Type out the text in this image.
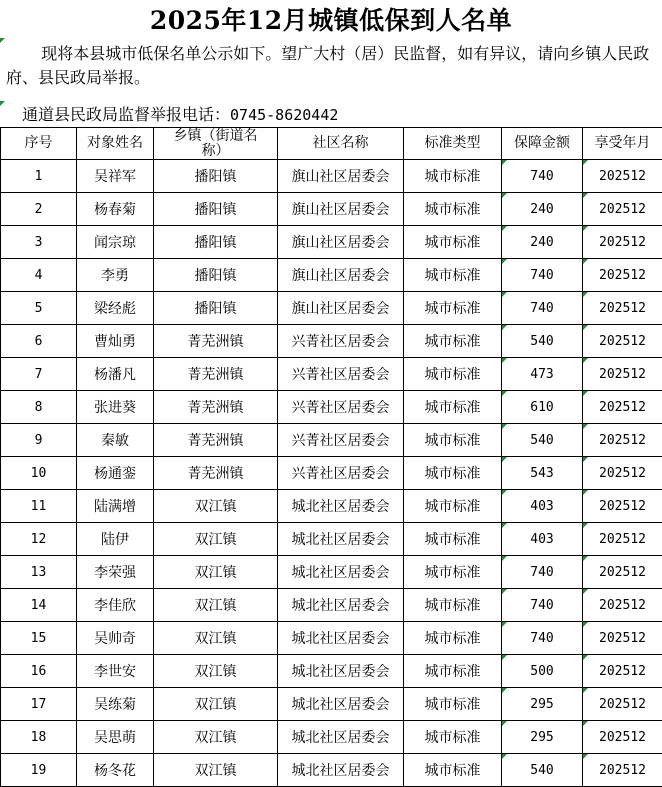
2025年12月城镇低保到人名单
现将本县城市低保名单公示如下。望广大村（居）民监督，如有异议，请向乡镇人民政府、县民政局举报。
通道县民政局监督举报电话：0745-8620442
序号	对象姓名	乡镇（街道名称）	社区名称	标准类型	保障金额	享受年月
1	吴祥军	播阳镇	旗山社区居委会	城市标准	740	202512
2	杨春菊	播阳镇	旗山社区居委会	城市标准	240	202512
3	闻宗琼	播阳镇	旗山社区居委会	城市标准	240	202512
4	李勇	播阳镇	旗山社区居委会	城市标准	740	202512
5	梁经彪	播阳镇	旗山社区居委会	城市标准	740	202512
6	曹灿勇	菁芜洲镇	兴菁社区居委会	城市标准	540	202512
7	杨潘凡	菁芜洲镇	兴菁社区居委会	城市标准	473	202512
8	张进葵	菁芜洲镇	兴菁社区居委会	城市标准	610	202512
9	秦敏	菁芜洲镇	兴菁社区居委会	城市标准	540	202512
10	杨通銮	菁芜洲镇	兴菁社区居委会	城市标准	543	202512
11	陆满增	双江镇	城北社区居委会	城市标准	403	202512
12	陆伊	双江镇	城北社区居委会	城市标准	403	202512
13	李荣强	双江镇	城北社区居委会	城市标准	740	202512
14	李佳欣	双江镇	城北社区居委会	城市标准	740	202512
15	吴帅奇	双江镇	城北社区居委会	城市标准	740	202512
16	李世安	双江镇	城北社区居委会	城市标准	500	202512
17	吴练菊	双江镇	城北社区居委会	城市标准	295	202512
18	吴思萌	双江镇	城北社区居委会	城市标准	295	202512
19	杨冬花	双江镇	城北社区居委会	城市标准	540	202512
